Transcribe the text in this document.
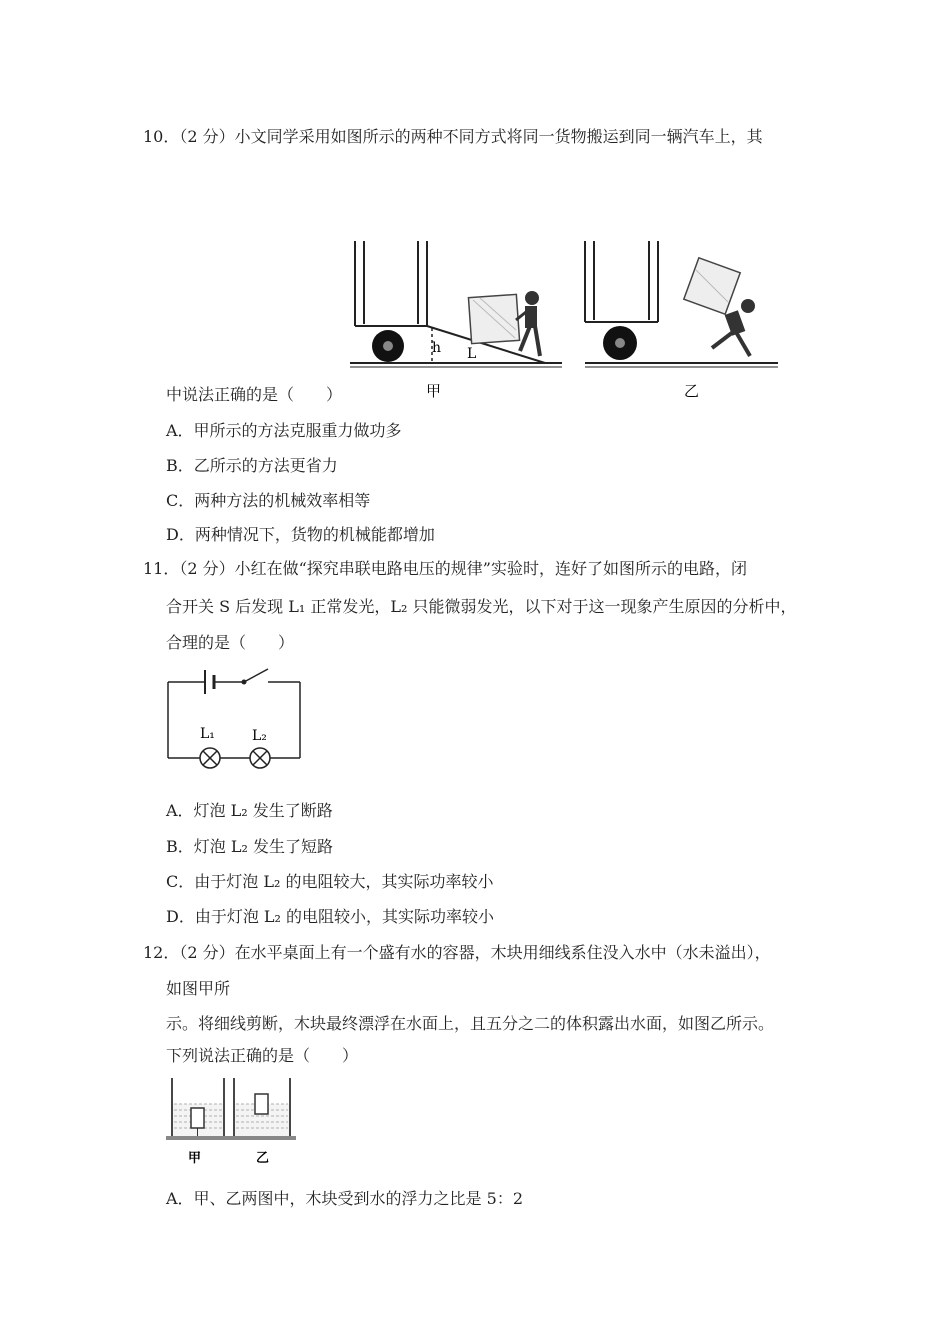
10．（2 分）小文同学采用如图所示的两种不同方式将同一货物搬运到同一辆汽车上，其
h L
甲	乙
中说法正确的是（　　）
A．甲所示的方法克服重力做功多
B．乙所示的方法更省力
C．两种方法的机械效率相等
D．两种情况下，货物的机械能都增加
11．（2 分）小红在做“探究串联电路电压的规律”实验时，连好了如图所示的电路，闭
合开关 S 后发现 L₁ 正常发光，L₂ 只能微弱发光，以下对于这一现象产生原因的分析中，
合理的是（　　）
L₁	L₂
A．灯泡 L₂ 发生了断路
B．灯泡 L₂ 发生了短路
C．由于灯泡 L₂ 的电阻较大，其实际功率较小
D．由于灯泡 L₂ 的电阻较小，其实际功率较小
12．（2 分）在水平桌面上有一个盛有水的容器，木块用细线系住没入水中（水未溢出），
如图甲所
示。将细线剪断，木块最终漂浮在水面上，且五分之二的体积露出水面，如图乙所示。
下列说法正确的是（　　）
甲	乙
A．甲、乙两图中，木块受到水的浮力之比是 5：2
